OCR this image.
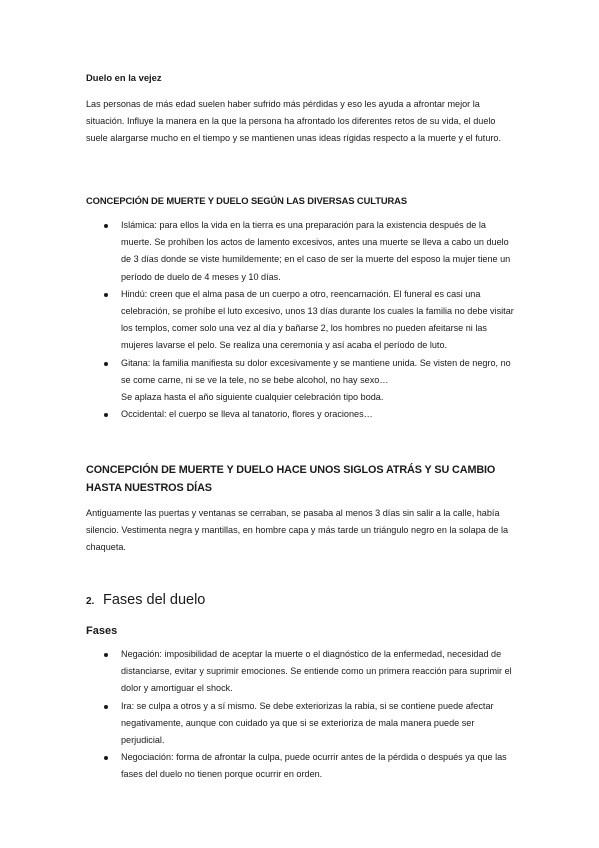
Duelo en la vejez

Las personas de más edad suelen haber sufrido más pérdidas y eso les ayuda a afrontar mejor la situación. Influye la manera en la que la persona ha afrontado los diferentes retos de su vida, el duelo suele alargarse mucho en el tiempo y se mantienen unas ideas rígidas respecto a la muerte y el futuro.

CONCEPCIÓN DE MUERTE Y DUELO SEGÚN LAS DIVERSAS CULTURAS

Islámica: para ellos la vida en la tierra es una preparación para la existencia después de la muerte. Se prohíben los actos de lamento excesivos, antes una muerte se lleva a cabo un duelo de 3 días donde se viste humildemente; en el caso de ser la muerte del esposo la mujer tiene un período de duelo de 4 meses y 10 días.
Hindú: creen que el alma pasa de un cuerpo a otro, reencarnación. El funeral es casi una celebración, se prohíbe el luto excesivo, unos 13 días durante los cuales la familia no debe visitar los templos, comer solo una vez al día y bañarse 2, los hombres no pueden afeitarse ni las mujeres lavarse el pelo. Se realiza una ceremonia y así acaba el período de luto.
Gitana: la familia manifiesta su dolor excesivamente y se mantiene unida. Se visten de negro, no se come carne, ni se ve la tele, no se bebe alcohol, no hay sexo…
Se aplaza hasta el año siguiente cualquier celebración tipo boda.
Occidental: el cuerpo se lleva al tanatorio, flores y oraciones…

CONCEPCIÓN DE MUERTE Y DUELO HACE UNOS SIGLOS ATRÁS Y SU CAMBIO HASTA NUESTROS DÍAS

Antiguamente las puertas y ventanas se cerraban, se pasaba al menos 3 días sin salir a la calle, había silencio. Vestimenta negra y mantillas, en hombre capa y más tarde un triángulo negro en la solapa de la chaqueta.

2. Fases del duelo

Fases

Negación: imposibilidad de aceptar la muerte o el diagnóstico de la enfermedad, necesidad de distanciarse, evitar y suprimir emociones. Se entiende como un primera reacción para suprimir el dolor y amortiguar el shock.
Ira: se culpa a otros y a sí mismo. Se debe exteriorizas la rabia, si se contiene puede afectar negativamente, aunque con cuidado ya que si se exterioriza de mala manera puede ser perjudicial.
Negociación: forma de afrontar la culpa, puede ocurrir antes de la pérdida o después ya que las fases del duelo no tienen porque ocurrir en orden.
